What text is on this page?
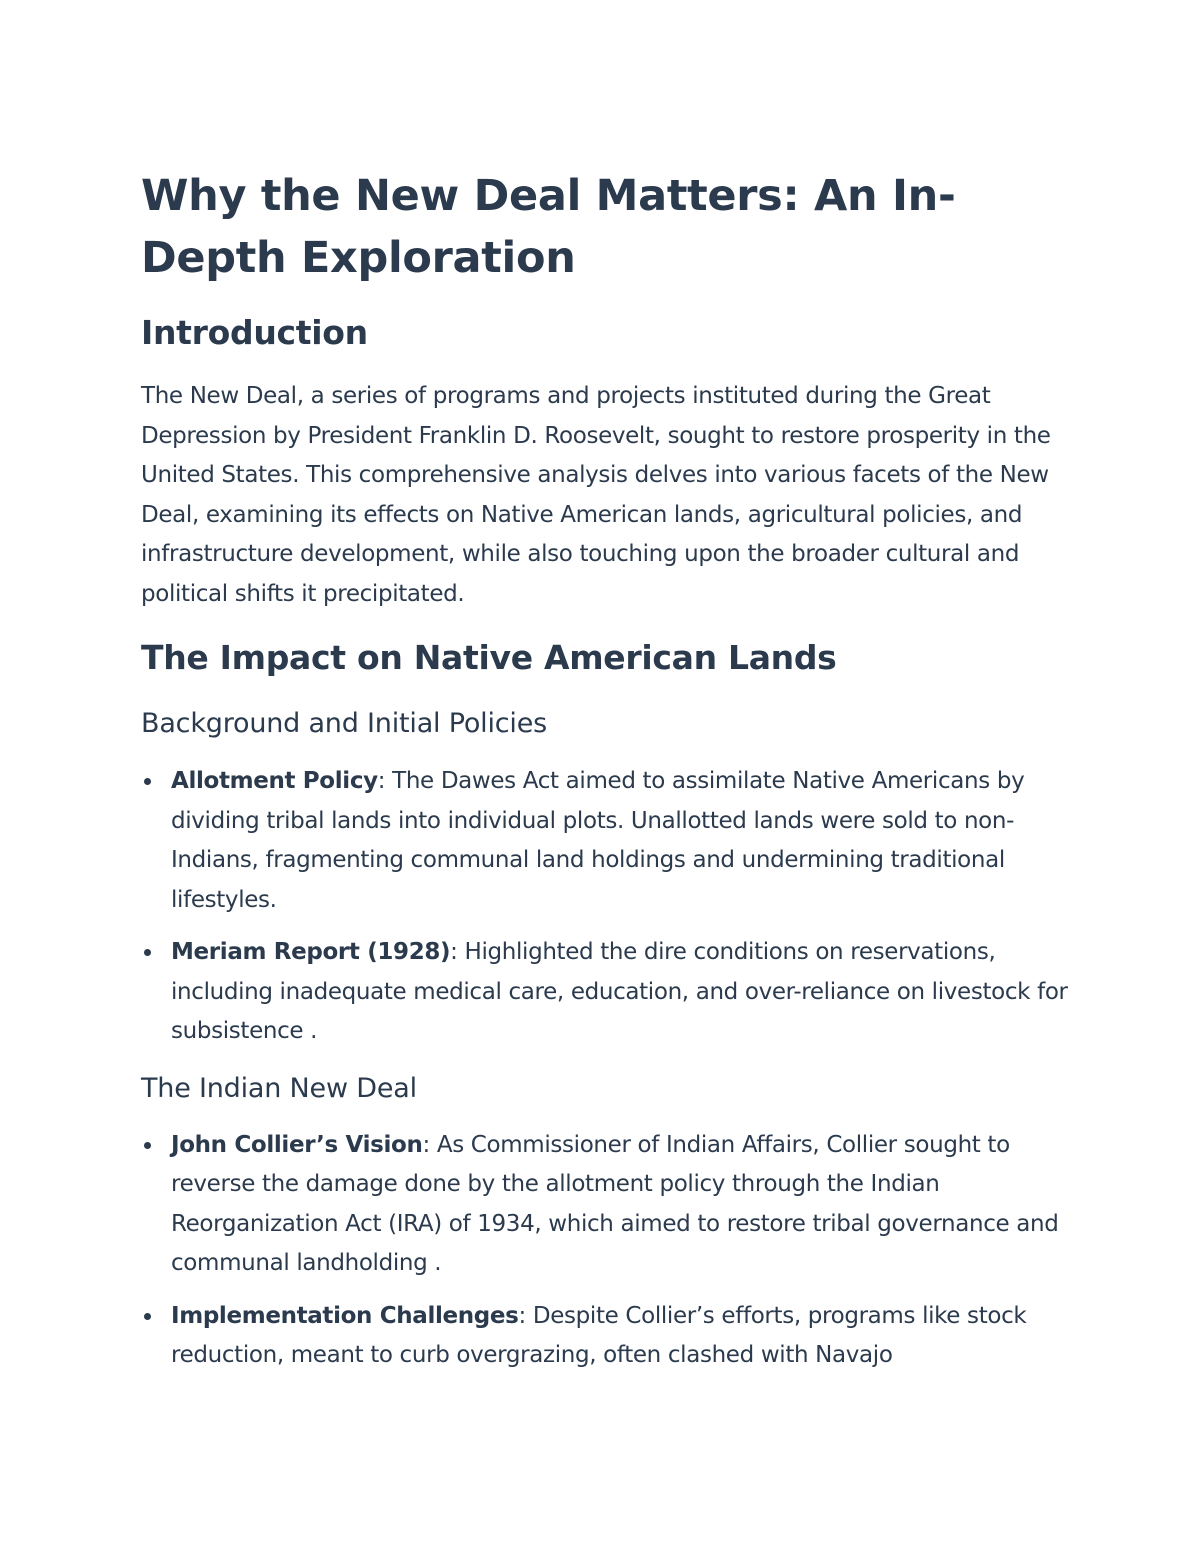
Why the New Deal Matters: An In-Depth Exploration
Introduction

The New Deal, a series of programs and projects instituted during the Great Depression by President Franklin D. Roosevelt, sought to restore prosperity in the United States. This comprehensive analysis delves into various facets of the New Deal, examining its effects on Native American lands, agricultural policies, and infrastructure development, while also touching upon the broader cultural and political shifts it precipitated.

The Impact on Native American Lands
Background and Initial Policies
Allotment Policy: The Dawes Act aimed to assimilate Native Americans by dividing tribal lands into individual plots. Unallotted lands were sold to non-Indians, fragmenting communal land holdings and undermining traditional lifestyles.
Meriam Report (1928): Highlighted the dire conditions on reservations, including inadequate medical care, education, and over-reliance on livestock for subsistence .
The Indian New Deal
John Collier’s Vision: As Commissioner of Indian Affairs, Collier sought to reverse the damage done by the allotment policy through the Indian Reorganization Act (IRA) of 1934, which aimed to restore tribal governance and communal landholding .
Implementation Challenges: Despite Collier’s efforts, programs like stock reduction, meant to curb overgrazing, often clashed with Navajo
